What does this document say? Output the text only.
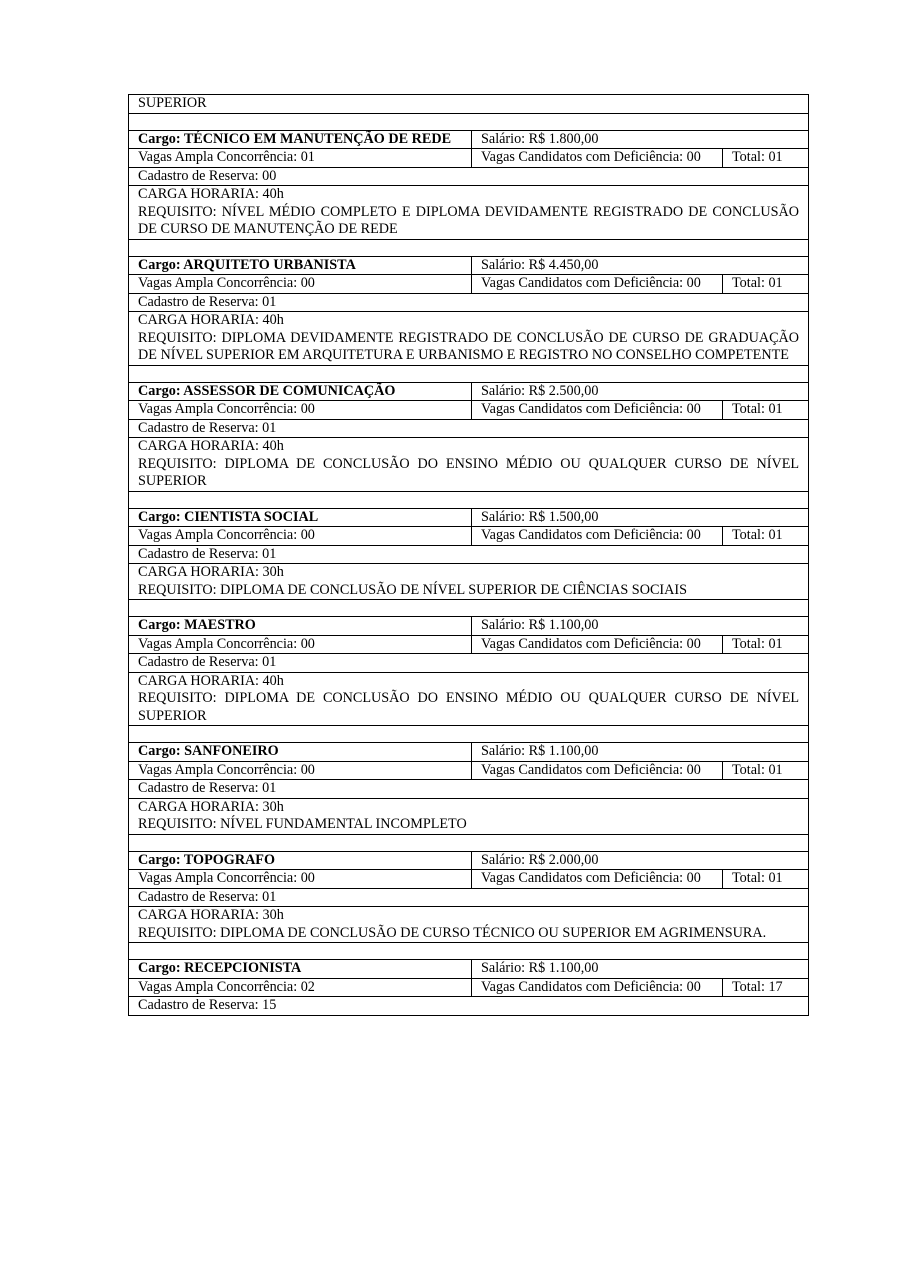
SUPERIOR		

Cargo: TÉCNICO EM MANUTENÇÃO DE REDE	Salário: R$ 1.800,00	
Vagas Ampla Concorrência: 01	Vagas Candidatos com Deficiência: 00	Total: 01
Cadastro de Reserva: 00		

CARGA HORARIA: 40h
REQUISITO: NÍVEL MÉDIO COMPLETO E DIPLOMA DEVIDAMENTE REGISTRADO DE CONCLUSÃO DE CURSO DE MANUTENÇÃO DE REDE		

Cargo: ARQUITETO URBANISTA	Salário: R$ 4.450,00	
Vagas Ampla Concorrência: 00	Vagas Candidatos com Deficiência: 00	Total: 01
Cadastro de Reserva: 01		

CARGA HORARIA: 40h
REQUISITO: DIPLOMA DEVIDAMENTE REGISTRADO DE CONCLUSÃO DE CURSO DE GRADUAÇÃO DE NÍVEL SUPERIOR EM ARQUITETURA E URBANISMO E REGISTRO NO CONSELHO COMPETENTE		

Cargo: ASSESSOR DE COMUNICAÇÃO	Salário: R$ 2.500,00	
Vagas Ampla Concorrência: 00	Vagas Candidatos com Deficiência: 00	Total: 01
Cadastro de Reserva: 01		

CARGA HORARIA: 40h
REQUISITO: DIPLOMA DE CONCLUSÃO DO ENSINO MÉDIO OU QUALQUER CURSO DE NÍVEL SUPERIOR		

Cargo: CIENTISTA SOCIAL	Salário: R$ 1.500,00	
Vagas Ampla Concorrência: 00	Vagas Candidatos com Deficiência: 00	Total: 01
Cadastro de Reserva: 01		

CARGA HORARIA: 30h
REQUISITO: DIPLOMA DE CONCLUSÃO DE NÍVEL SUPERIOR DE CIÊNCIAS SOCIAIS		

Cargo: MAESTRO	Salário: R$ 1.100,00	
Vagas Ampla Concorrência: 00	Vagas Candidatos com Deficiência: 00	Total: 01
Cadastro de Reserva: 01		

CARGA HORARIA: 40h
REQUISITO: DIPLOMA DE CONCLUSÃO DO ENSINO MÉDIO OU QUALQUER CURSO DE NÍVEL SUPERIOR		

Cargo: SANFONEIRO	Salário: R$ 1.100,00	
Vagas Ampla Concorrência: 00	Vagas Candidatos com Deficiência: 00	Total: 01
Cadastro de Reserva: 01		

CARGA HORARIA: 30h
REQUISITO: NÍVEL FUNDAMENTAL INCOMPLETO		

Cargo: TOPOGRAFO	Salário: R$ 2.000,00	
Vagas Ampla Concorrência: 00	Vagas Candidatos com Deficiência: 00	Total: 01
Cadastro de Reserva: 01		

CARGA HORARIA: 30h
REQUISITO: DIPLOMA DE CONCLUSÃO DE CURSO TÉCNICO OU SUPERIOR EM AGRIMENSURA.		

Cargo: RECEPCIONISTA	Salário: R$ 1.100,00	
Vagas Ampla Concorrência: 02	Vagas Candidatos com Deficiência: 00	Total: 17
Cadastro de Reserva: 15		
